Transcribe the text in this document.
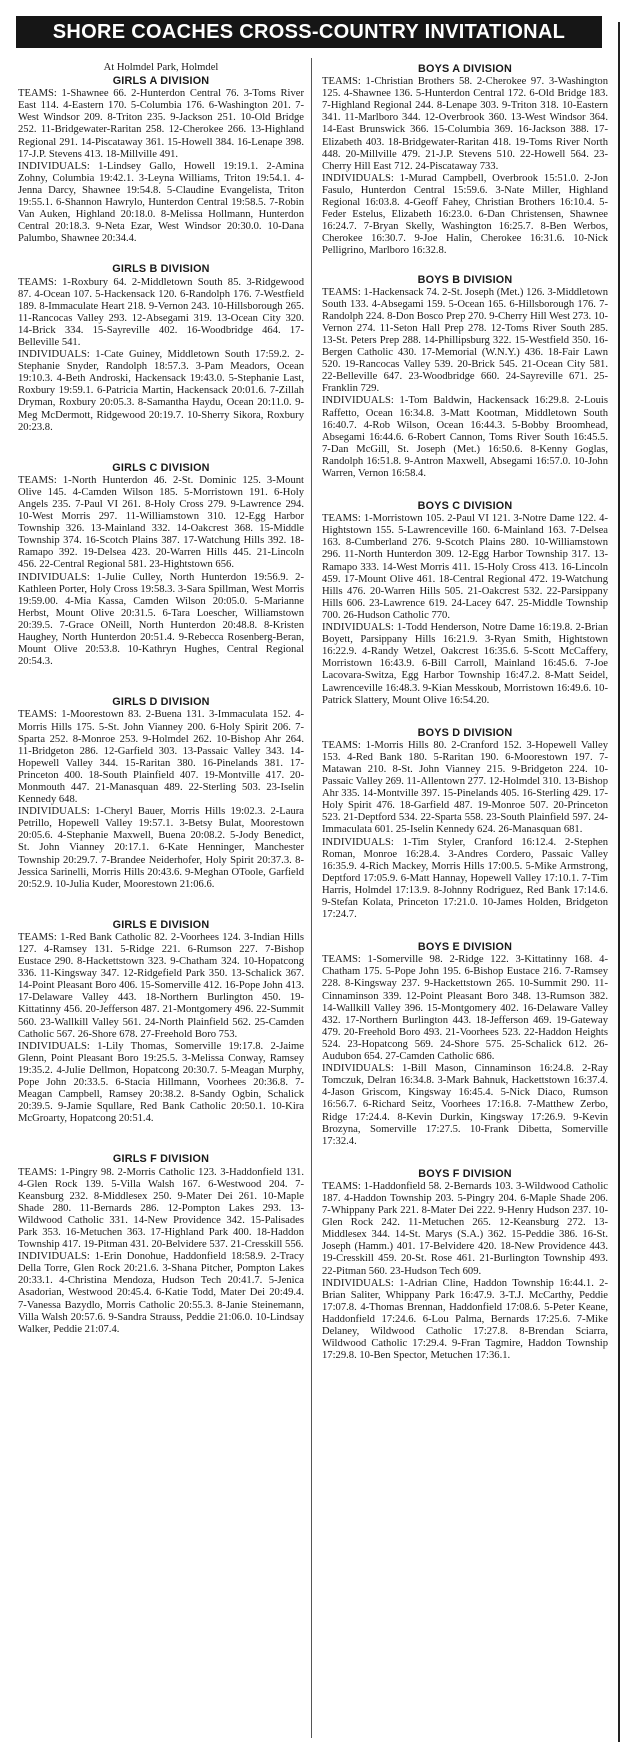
SHORE COACHES CROSS-COUNTRY INVITATIONAL
At Holmdel Park, Holmdel
GIRLS A DIVISION

TEAMS: 1-Shawnee 66. 2-Hunterdon Central 76. 3-Toms River East 114. 4-Eastern 170. 5-Columbia 176. 6-Washington 201. 7-West Windsor 209. 8-Triton 235. 9-Jackson 251. 10-Old Bridge 252. 11-Bridgewater-Raritan 258. 12-Cherokee 266. 13-Highland Regional 291. 14-Piscataway 361. 15-Howell 384. 16-Lenape 398. 17-J.P. Stevens 413. 18-Millville 491.

INDIVIDUALS: 1-Lindsey Gallo, Howell 19:19.1. 2-Amina Zohny, Columbia 19:42.1. 3-Leyna Williams, Triton 19:54.1. 4-Jenna Darcy, Shawnee 19:54.8. 5-Claudine Evangelista, Triton 19:55.1. 6-Shannon Hawrylo, Hunterdon Central 19:58.5. 7-Robin Van Auken, Highland 20:18.0. 8-Melissa Hollmann, Hunterdon Central 20:18.3. 9-Neta Ezar, West Windsor 20:30.0. 10-Dana Palumbo, Shawnee 20:34.4.

GIRLS B DIVISION

TEAMS: 1-Roxbury 64. 2-Middletown South 85. 3-Ridgewood 87. 4-Ocean 107. 5-Hackensack 120. 6-Randolph 176. 7-Westfield 189. 8-Immaculate Heart 218. 9-Vernon 243. 10-Hillsborough 265. 11-Rancocas Valley 293. 12-Absegami 319. 13-Ocean City 320. 14-Brick 334. 15-Sayreville 402. 16-Woodbridge 464. 17-Belleville 541.

INDIVIDUALS: 1-Cate Guiney, Middletown South 17:59.2. 2-Stephanie Snyder, Randolph 18:57.3. 3-Pam Meadors, Ocean 19:10.3. 4-Beth Androski, Hackensack 19:43.0. 5-Stephanie Last, Roxbury 19:59.1. 6-Patricia Martin, Hackensack 20:01.6. 7-Zillah Dryman, Roxbury 20:05.3. 8-Samantha Haydu, Ocean 20:11.0. 9-Meg McDermott, Ridgewood 20:19.7. 10-Sherry Sikora, Roxbury 20:23.8.

GIRLS C DIVISION

TEAMS: 1-North Hunterdon 46. 2-St. Dominic 125. 3-Mount Olive 145. 4-Camden Wilson 185. 5-Morristown 191. 6-Holy Angels 235. 7-Paul VI 261. 8-Holy Cross 279. 9-Lawrence 294. 10-West Morris 297. 11-Williamstown 310. 12-Egg Harbor Township 326. 13-Mainland 332. 14-Oakcrest 368. 15-Middle Township 374. 16-Scotch Plains 387. 17-Watchung Hills 392. 18-Ramapo 392. 19-Delsea 423. 20-Warren Hills 445. 21-Lincoln 456. 22-Central Regional 581. 23-Hightstown 656.

INDIVIDUALS: 1-Julie Culley, North Hunterdon 19:56.9. 2-Kathleen Porter, Holy Cross 19:58.3. 3-Sara Spillman, West Morris 19:59.00. 4-Mia Kassa, Camden Wilson 20:05.0. 5-Marianne Herbst, Mount Olive 20:31.5. 6-Tara Loescher, Williamstown 20:39.5. 7-Grace ONeill, North Hunterdon 20:48.8. 8-Kristen Haughey, North Hunterdon 20:51.4. 9-Rebecca Rosenberg-Beran, Mount Olive 20:53.8. 10-Kathryn Hughes, Central Regional 20:54.3.

GIRLS D DIVISION

TEAMS: 1-Moorestown 83. 2-Buena 131. 3-Immaculata 152. 4-Morris Hills 175. 5-St. John Vianney 200. 6-Holy Spirit 206. 7-Sparta 252. 8-Monroe 253. 9-Holmdel 262. 10-Bishop Ahr 264. 11-Bridgeton 286. 12-Garfield 303. 13-Passaic Valley 343. 14-Hopewell Valley 344. 15-Raritan 380. 16-Pinelands 381. 17-Princeton 400. 18-South Plainfield 407. 19-Montville 417. 20-Monmouth 447. 21-Manasquan 489. 22-Sterling 503. 23-Iselin Kennedy 648.

INDIVIDUALS: 1-Cheryl Bauer, Morris Hills 19:02.3. 2-Laura Petrillo, Hopewell Valley 19:57.1. 3-Betsy Bulat, Moorestown 20:05.6. 4-Stephanie Maxwell, Buena 20:08.2. 5-Jody Benedict, St. John Vianney 20:17.1. 6-Kate Henninger, Manchester Township 20:29.7. 7-Brandee Neiderhofer, Holy Spirit 20:37.3. 8-Jessica Sarinelli, Morris Hills 20:43.6. 9-Meghan OToole, Garfield 20:52.9. 10-Julia Kuder, Moorestown 21:06.6.

GIRLS E DIVISION

TEAMS: 1-Red Bank Catholic 82. 2-Voorhees 124. 3-Indian Hills 127. 4-Ramsey 131. 5-Ridge 221. 6-Rumson 227. 7-Bishop Eustace 290. 8-Hackettstown 323. 9-Chatham 324. 10-Hopatcong 336. 11-Kingsway 347. 12-Ridgefield Park 350. 13-Schalick 367. 14-Point Pleasant Boro 406. 15-Somerville 412. 16-Pope John 413. 17-Delaware Valley 443. 18-Northern Burlington 450. 19-Kittatinny 456. 20-Jefferson 487. 21-Montgomery 496. 22-Summit 560. 23-Wallkill Valley 561. 24-North Plainfield 562. 25-Camden Catholic 567. 26-Shore 678. 27-Freehold Boro 753.

INDIVIDUALS: 1-Lily Thomas, Somerville 19:17.8. 2-Jaime Glenn, Point Pleasant Boro 19:25.5. 3-Melissa Conway, Ramsey 19:35.2. 4-Julie Dellmon, Hopatcong 20:30.7. 5-Meagan Murphy, Pope John 20:33.5. 6-Stacia Hillmann, Voorhees 20:36.8. 7-Meagan Campbell, Ramsey 20:38.2. 8-Sandy Ogbin, Schalick 20:39.5. 9-Jamie Squllare, Red Bank Catholic 20:50.1. 10-Kira McGroarty, Hopatcong 20:51.4.

GIRLS F DIVISION

TEAMS: 1-Pingry 98. 2-Morris Catholic 123. 3-Haddonfield 131. 4-Glen Rock 139. 5-Villa Walsh 167. 6-Westwood 204. 7-Keansburg 232. 8-Middlesex 250. 9-Mater Dei 261. 10-Maple Shade 280. 11-Bernards 286. 12-Pompton Lakes 293. 13-Wildwood Catholic 331. 14-New Providence 342. 15-Palisades Park 353. 16-Metuchen 363. 17-Highland Park 400. 18-Haddon Township 417. 19-Pitman 431. 20-Belvidere 537. 21-Cresskill 556.

INDIVIDUALS: 1-Erin Donohue, Haddonfield 18:58.9. 2-Tracy Della Torre, Glen Rock 20:21.6. 3-Shana Pitcher, Pompton Lakes 20:33.1. 4-Christina Mendoza, Hudson Tech 20:41.7. 5-Jenica Asadorian, Westwood 20:45.4. 6-Katie Todd, Mater Dei 20:49.4. 7-Vanessa Bazydlo, Morris Catholic 20:55.3. 8-Janie Steinemann, Villa Walsh 20:57.6. 9-Sandra Strauss, Peddie 21:06.0. 10-Lindsay Walker, Peddie 21:07.4.

BOYS A DIVISION

TEAMS: 1-Christian Brothers 58. 2-Cherokee 97. 3-Washington 125. 4-Shawnee 136. 5-Hunterdon Central 172. 6-Old Bridge 183. 7-Highland Regional 244. 8-Lenape 303. 9-Triton 318. 10-Eastern 341. 11-Marlboro 344. 12-Overbrook 360. 13-West Windsor 364. 14-East Brunswick 366. 15-Columbia 369. 16-Jackson 388. 17-Elizabeth 403. 18-Bridgewater-Raritan 418. 19-Toms River North 448. 20-Millville 479. 21-J.P. Stevens 510. 22-Howell 564. 23-Cherry Hill East 712. 24-Piscataway 733.

INDIVIDUALS: 1-Murad Campbell, Overbrook 15:51.0. 2-Jon Fasulo, Hunterdon Central 15:59.6. 3-Nate Miller, Highland Regional 16:03.8. 4-Geoff Fahey, Christian Brothers 16:10.4. 5-Feder Estelus, Elizabeth 16:23.0. 6-Dan Christensen, Shawnee 16:24.7. 7-Bryan Skelly, Washington 16:25.7. 8-Ben Werbos, Cherokee 16:30.7. 9-Joe Halin, Cherokee 16:31.6. 10-Nick Pelligrino, Marlboro 16:32.8.

BOYS B DIVISION

TEAMS: 1-Hackensack 74. 2-St. Joseph (Met.) 126. 3-Middletown South 133. 4-Absegami 159. 5-Ocean 165. 6-Hillsborough 176. 7-Randolph 224. 8-Don Bosco Prep 270. 9-Cherry Hill West 273. 10-Vernon 274. 11-Seton Hall Prep 278. 12-Toms River South 285. 13-St. Peters Prep 288. 14-Phillipsburg 322. 15-Westfield 350. 16-Bergen Catholic 430. 17-Memorial (W.N.Y.) 436. 18-Fair Lawn 520. 19-Rancocas Valley 539. 20-Brick 545. 21-Ocean City 581. 22-Belleville 647. 23-Woodbridge 660. 24-Sayreville 671. 25-Franklin 729.

INDIVIDUALS: 1-Tom Baldwin, Hackensack 16:29.8. 2-Louis Raffetto, Ocean 16:34.8. 3-Matt Kootman, Middletown South 16:40.7. 4-Rob Wilson, Ocean 16:44.3. 5-Bobby Broomhead, Absegami 16:44.6. 6-Robert Cannon, Toms River South 16:45.5. 7-Dan McGill, St. Joseph (Met.) 16:50.6. 8-Kenny Goglas, Randolph 16:51.8. 9-Antron Maxwell, Absegami 16:57.0. 10-John Warren, Vernon 16:58.4.

BOYS C DIVISION

TEAMS: 1-Morristown 105. 2-Paul VI 121. 3-Notre Dame 122. 4-Hightstown 155. 5-Lawrenceville 160. 6-Mainland 163. 7-Delsea 163. 8-Cumberland 276. 9-Scotch Plains 280. 10-Williamstown 296. 11-North Hunterdon 309. 12-Egg Harbor Township 317. 13-Ramapo 333. 14-West Morris 411. 15-Holy Cross 413. 16-Lincoln 459. 17-Mount Olive 461. 18-Central Regional 472. 19-Watchung Hills 476. 20-Warren Hills 505. 21-Oakcrest 532. 22-Parsippany Hills 606. 23-Lawrence 619. 24-Lacey 647. 25-Middle Township 700. 26-Hudson Catholic 770.

INDIVIDUALS: 1-Todd Henderson, Notre Dame 16:19.8. 2-Brian Boyett, Parsippany Hills 16:21.9. 3-Ryan Smith, Hightstown 16:22.9. 4-Randy Wetzel, Oakcrest 16:35.6. 5-Scott McCaffery, Morristown 16:43.9. 6-Bill Carroll, Mainland 16:45.6. 7-Joe Lacovara-Switza, Egg Harbor Township 16:47.2. 8-Matt Seidel, Lawrenceville 16:48.3. 9-Kian Messkoub, Morristown 16:49.6. 10-Patrick Slattery, Mount Olive 16:54.20.

BOYS D DIVISION

TEAMS: 1-Morris Hills 80. 2-Cranford 152. 3-Hopewell Valley 153. 4-Red Bank 180. 5-Raritan 190. 6-Moorestown 197. 7-Matawan 210. 8-St. John Vianney 215. 9-Bridgeton 224. 10-Passaic Valley 269. 11-Allentown 277. 12-Holmdel 310. 13-Bishop Ahr 335. 14-Montville 397. 15-Pinelands 405. 16-Sterling 429. 17-Holy Spirit 476. 18-Garfield 487. 19-Monroe 507. 20-Princeton 523. 21-Deptford 534. 22-Sparta 558. 23-South Plainfield 597. 24-Immaculata 601. 25-Iselin Kennedy 624. 26-Manasquan 681.

INDIVIDUALS: 1-Tim Styler, Cranford 16:12.4. 2-Stephen Roman, Monroe 16:28.4. 3-Andres Cordero, Passaic Valley 16:35.9. 4-Rich Mackey, Morris Hills 17:00.5. 5-Mike Armstrong, Deptford 17:05.9. 6-Matt Hannay, Hopewell Valley 17:10.1. 7-Tim Harris, Holmdel 17:13.9. 8-Johnny Rodriguez, Red Bank 17:14.6. 9-Stefan Kolata, Princeton 17:21.0. 10-James Holden, Bridgeton 17:24.7.

BOYS E DIVISION

TEAMS: 1-Somerville 98. 2-Ridge 122. 3-Kittatinny 168. 4-Chatham 175. 5-Pope John 195. 6-Bishop Eustace 216. 7-Ramsey 228. 8-Kingsway 237. 9-Hackettstown 265. 10-Summit 290. 11-Cinnaminson 339. 12-Point Pleasant Boro 348. 13-Rumson 382. 14-Wallkill Valley 396. 15-Montgomery 402. 16-Delaware Valley 432. 17-Northern Burlington 443. 18-Jefferson 469. 19-Gateway 479. 20-Freehold Boro 493. 21-Voorhees 523. 22-Haddon Heights 524. 23-Hopatcong 569. 24-Shore 575. 25-Schalick 612. 26-Audubon 654. 27-Camden Catholic 686.

INDIVIDUALS: 1-Bill Mason, Cinnaminson 16:24.8. 2-Ray Tomczuk, Delran 16:34.8. 3-Mark Bahnuk, Hackettstown 16:37.4. 4-Jason Griscom, Kingsway 16:45.4. 5-Nick Diaco, Rumson 16:56.7. 6-Richard Seitz, Voorhees 17:16.8. 7-Matthew Zerbo, Ridge 17:24.4. 8-Kevin Durkin, Kingsway 17:26.9. 9-Kevin Brozyna, Somerville 17:27.5. 10-Frank Dibetta, Somerville 17:32.4.

BOYS F DIVISION

TEAMS: 1-Haddonfield 58. 2-Bernards 103. 3-Wildwood Catholic 187. 4-Haddon Township 203. 5-Pingry 204. 6-Maple Shade 206. 7-Whippany Park 221. 8-Mater Dei 222. 9-Henry Hudson 237. 10-Glen Rock 242. 11-Metuchen 265. 12-Keansburg 272. 13-Middlesex 344. 14-St. Marys (S.A.) 362. 15-Peddie 386. 16-St. Joseph (Hamm.) 401. 17-Belvidere 420. 18-New Providence 443. 19-Cresskill 459. 20-St. Rose 461. 21-Burlington Township 493. 22-Pitman 560. 23-Hudson Tech 609.

INDIVIDUALS: 1-Adrian Cline, Haddon Township 16:44.1. 2-Brian Saliter, Whippany Park 16:47.9. 3-T.J. McCarthy, Peddie 17:07.8. 4-Thomas Brennan, Haddonfield 17:08.6. 5-Peter Keane, Haddonfield 17:24.6. 6-Lou Palma, Bernards 17:25.6. 7-Mike Delaney, Wildwood Catholic 17:27.8. 8-Brendan Sciarra, Wildwood Catholic 17:29.4. 9-Fran Tagmire, Haddon Township 17:29.8. 10-Ben Spector, Metuchen 17:36.1.
